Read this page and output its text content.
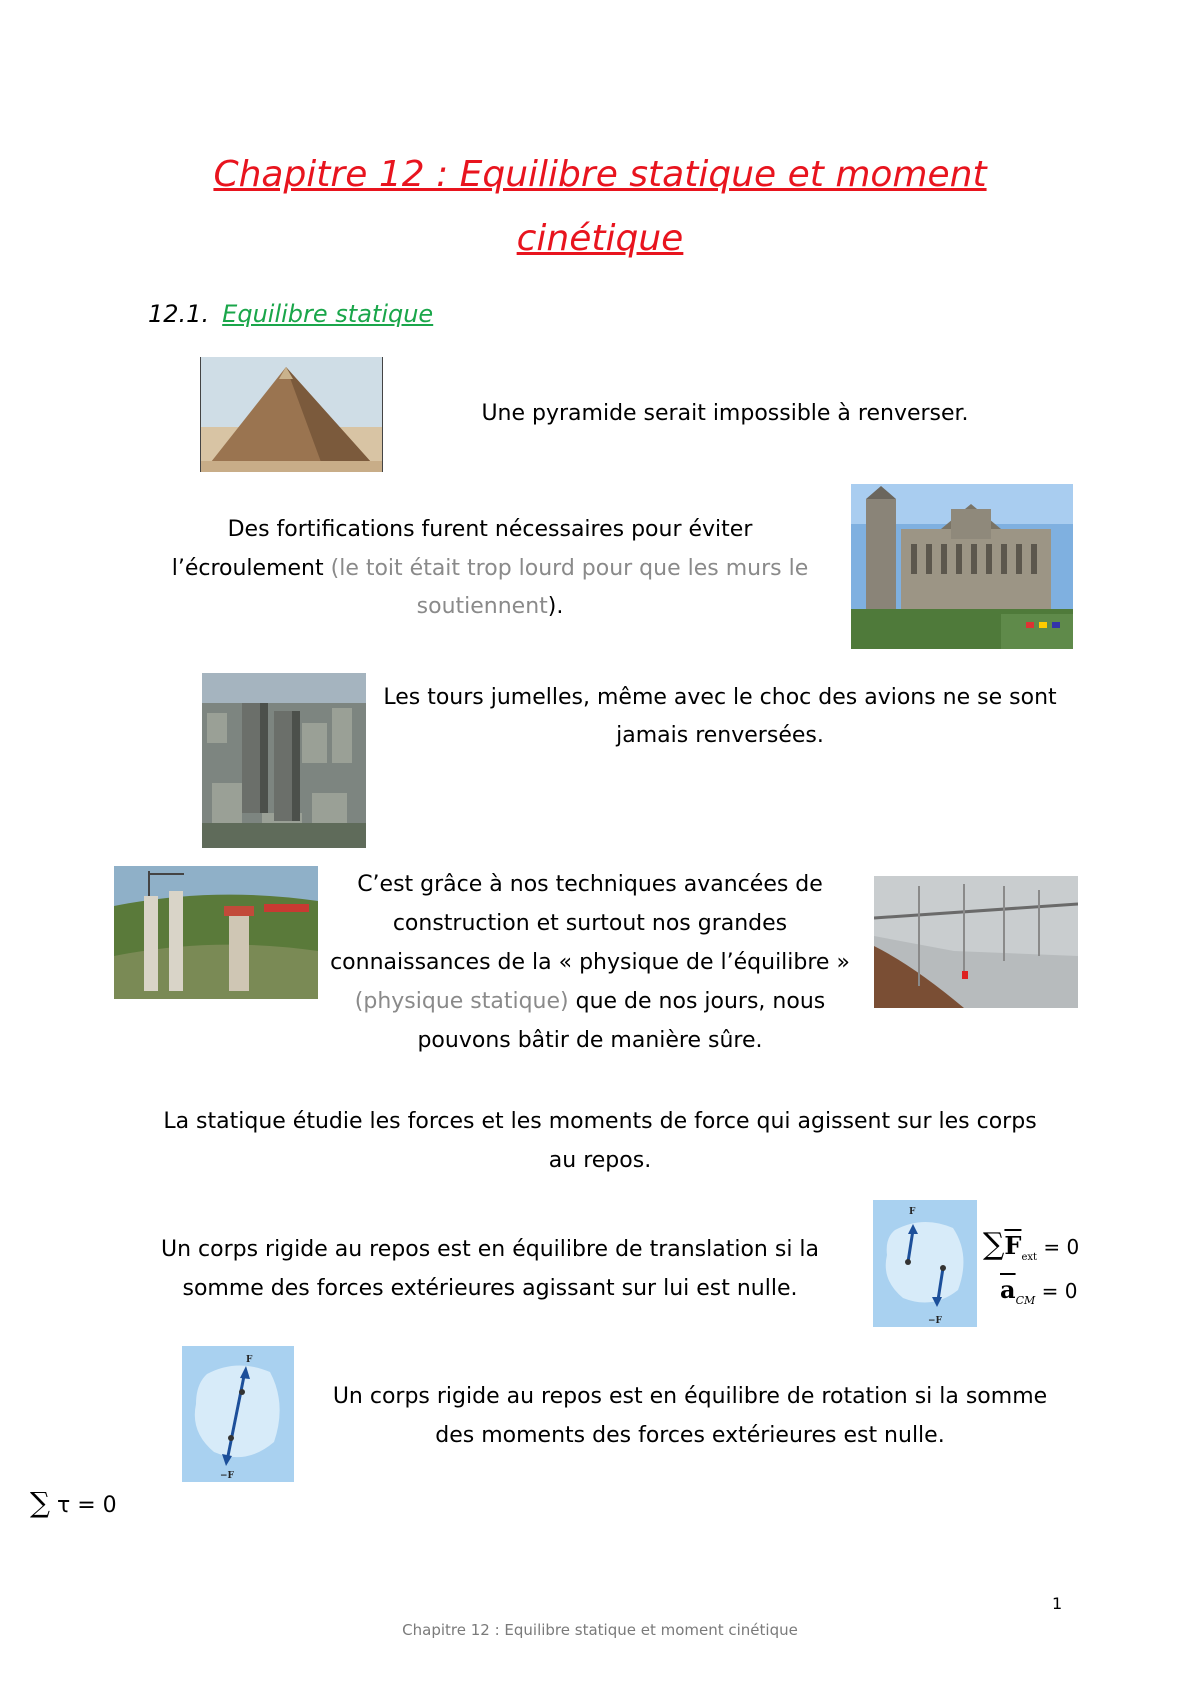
Chapitre 12 : Equilibre statique et moment
cinétique
12.1. Equilibre statique
Une pyramide serait impossible à renverser.
Des fortifications furent nécessaires pour éviter
l’écroulement (le toit était trop lourd pour que les murs le
soutiennent).
Les tours jumelles, même avec le choc des avions ne se sont
jamais renversées.
C’est grâce à nos techniques avancées de
construction et surtout nos grandes
connaissances de la « physique de l’équilibre »
(physique statique) que de nos jours, nous
pouvons bâtir de manière sûre.
La statique étudie les forces et les moments de force qui agissent sur les corps
au repos.
Un corps rigide au repos est en équilibre de translation si la
somme des forces extérieures agissant sur lui est nulle.
F
−F
$\sum\overline{F}_{ext} = 0$
$\overline{a}_{CM} = 0$
F
−F
Un corps rigide au repos est en équilibre de rotation si la somme
des moments des forces extérieures est nulle.
∑ τ = 0
1
Chapitre 12 : Equilibre statique et moment cinétique
